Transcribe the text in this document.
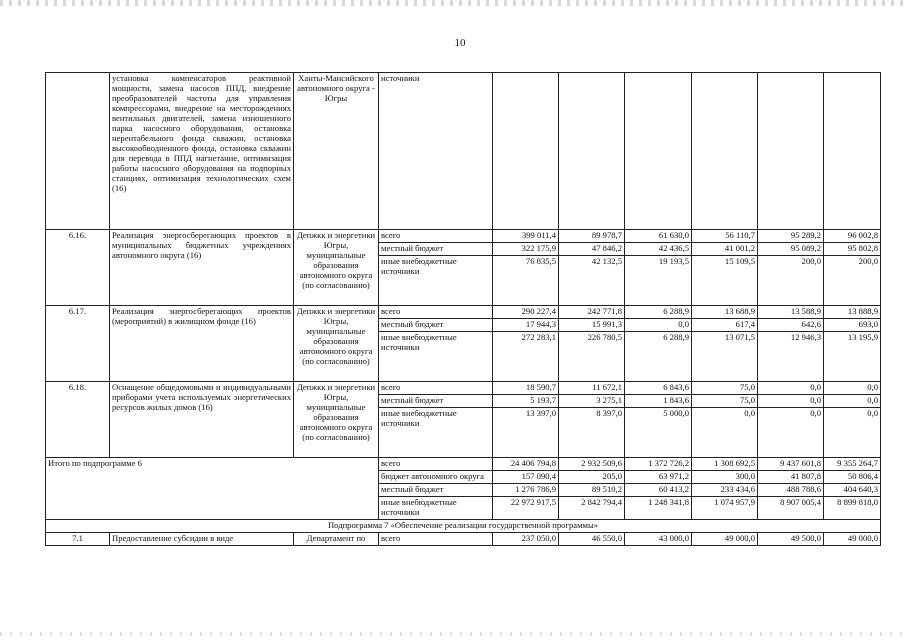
10
	установка компенсаторов реактивной мощности, замена насосов ППД, внедрение преобразователей частоты для управления компрессорами, внедрение на месторождениях вентильных двигателей, замена изношенного парка насосного оборудования, остановка нерентабельного фонда скважин, остановка высокообводненного фонда, остановка скважин для перевода в ППД нагнетание, оптимизация работы насосного оборудования на подпорных станциях, оптимизация технологических схем (16)	Ханты-Мансийского автономного округа - Югры	источники						
6.16.	Реализация энергосберегающих проектов в муниципальных бюджетных учреждениях автономного округа (16)	Депжкк и энергетики Югры, муниципальные образования автономного округа (по согласованию)	всего	399 011,4	89 978,7	61 630,0	56 110,7	95 289,2	96 002,8
			местный бюджет	322 175,9	47 846,2	42 436,5	41 001,2	95 089,2	95 802,8
			иные внебюджетные источники	76 835,5	42 132,5	19 193,5	15 109,5	200,0	200,0
6.17.	Реализация энергосберегающих проектов (мероприятий) в жилищном фонде (16)	Депжкк и энергетики Югры, муниципальные образования автономного округа (по согласованию)	всего	290 227,4	242 771,8	6 288,9	13 688,9	13 588,9	13 888,9
			местный бюджет	17 944,3	15 991,3	0,0	617,4	642,6	693,0
			иные внебюджетные источники	272 283,1	226 780,5	6 288,9	13 071,5	12 946,3	13 195,9
6.18.	Оснащение общедомовыми и индивидуальными приборами учета используемых энергетических ресурсов жилых домов (16)	Депжкк и энергетики Югры, муниципальные образования автономного округа (по согласованию)	всего	18 590,7	11 672,1	6 843,6	75,0	0,0	0,0
			местный бюджет	5 193,7	3 275,1	1 843,6	75,0	0,0	0,0
			иные внебюджетные источники	13 397,0	8 397,0	5 000,0	0,0	0,0	0,0
Итого по подпрограмме 6			всего	24 406 794,8	2 932 509,6	1 372 726,2	1 308 692,5	9 437 601,8	9 355 264,7
			бюджет автономного округа	157 090,4	205,0	63 971,2	300,0	41 807,8	50 806,4
			местный бюджет	1 276 786,9	89 510,2	60 413,2	233 434,6	488 788,6	404 640,3
			иные внебюджетные источники	22 972 917,5	2 842 794,4	1 248 341,8	1 074 957,9	8 907 005,4	8 899 818,0
Подпрограмма 7 «Обеспечение реализации государственной программы»									
7.1	Предоставление субсидии в виде	Департамент по	всего	237 050,0	46 550,0	43 000,0	49 000,0	49 500,0	49 000,0
